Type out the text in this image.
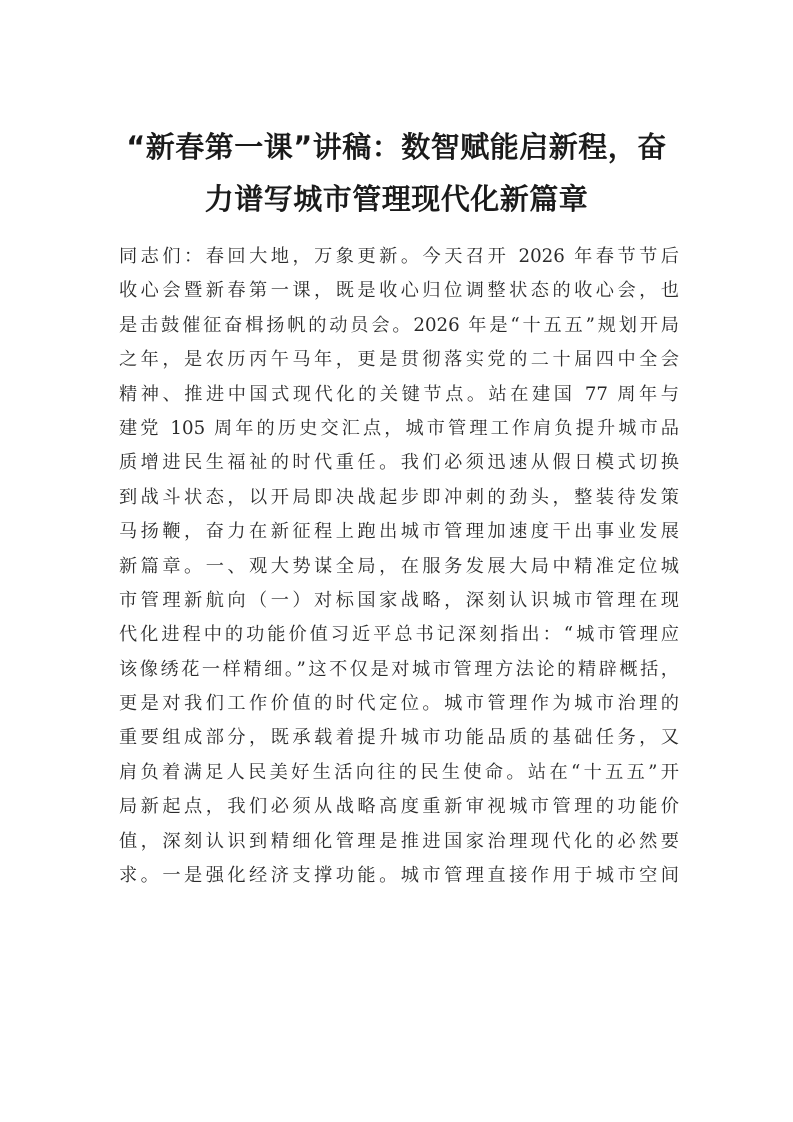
“新春第一课”讲稿：数智赋能启新程，奋
力谱写城市管理现代化新篇章
同志们：春回大地，万象更新。今天召开 2026 年春节节后
收心会暨新春第一课，既是收心归位调整状态的收心会，也
是击鼓催征奋楫扬帆的动员会。2026 年是“十五五”规划开局
之年，是农历丙午马年，更是贯彻落实党的二十届四中全会
精神、推进中国式现代化的关键节点。站在建国 77 周年与
建党 105 周年的历史交汇点，城市管理工作肩负提升城市品
质增进民生福祉的时代重任。我们必须迅速从假日模式切换
到战斗状态，以开局即决战起步即冲刺的劲头，整装待发策
马扬鞭，奋力在新征程上跑出城市管理加速度干出事业发展
新篇章。一、观大势谋全局，在服务发展大局中精准定位城
市管理新航向（一）对标国家战略，深刻认识城市管理在现
代化进程中的功能价值习近平总书记深刻指出：“城市管理应
该像绣花一样精细。”这不仅是对城市管理方法论的精辟概括，
更是对我们工作价值的时代定位。城市管理作为城市治理的
重要组成部分，既承载着提升城市功能品质的基础任务，又
肩负着满足人民美好生活向往的民生使命。站在“十五五”开
局新起点，我们必须从战略高度重新审视城市管理的功能价
值，深刻认识到精细化管理是推进国家治理现代化的必然要
求。一是强化经济支撑功能。城市管理直接作用于城市空间
